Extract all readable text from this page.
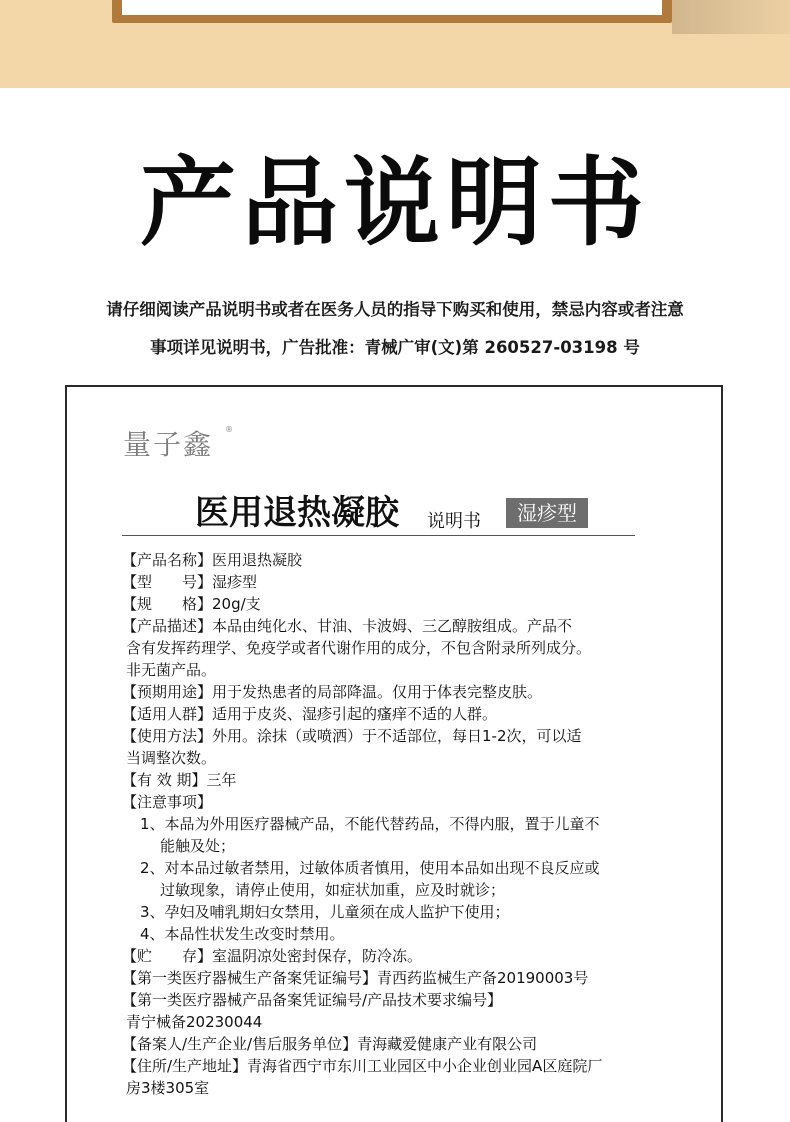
产品说明书
请仔细阅读产品说明书或者在医务人员的指导下购买和使用，禁忌内容或者注意
事项详见说明书，广告批准：青械广审(文)第 260527-03198 号
量子鑫 ®
医用退热凝胶 说明书	湿疹型
【产品名称】医用退热凝胶
【型　　号】湿疹型
【规　　格】20g/支
【产品描述】本品由纯化水、甘油、卡波姆、三乙醇胺组成。产品不
含有发挥药理学、免疫学或者代谢作用的成分，不包含附录所列成分。
非无菌产品。
【预期用途】用于发热患者的局部降温。仅用于体表完整皮肤。
【适用人群】适用于皮炎、湿疹引起的瘙痒不适的人群。
【使用方法】外用。涂抹（或喷洒）于不适部位，每日1-2次，可以适
当调整次数。
【有 效 期】三年
【注意事项】
1、本品为外用医疗器械产品，不能代替药品，不得内服，置于儿童不
能触及处；
2、对本品过敏者禁用，过敏体质者慎用，使用本品如出现不良反应或
过敏现象，请停止使用，如症状加重，应及时就诊；
3、孕妇及哺乳期妇女禁用，儿童须在成人监护下使用；
4、本品性状发生改变时禁用。
【贮　　存】室温阴凉处密封保存，防冷冻。
【第一类医疗器械生产备案凭证编号】青西药监械生产备20190003号
【第一类医疗器械产品备案凭证编号/产品技术要求编号】
青宁械备20230044
【备案人/生产企业/售后服务单位】青海藏爱健康产业有限公司
【住所/生产地址】青海省西宁市东川工业园区中小企业创业园A区庭院厂
房3楼305室
